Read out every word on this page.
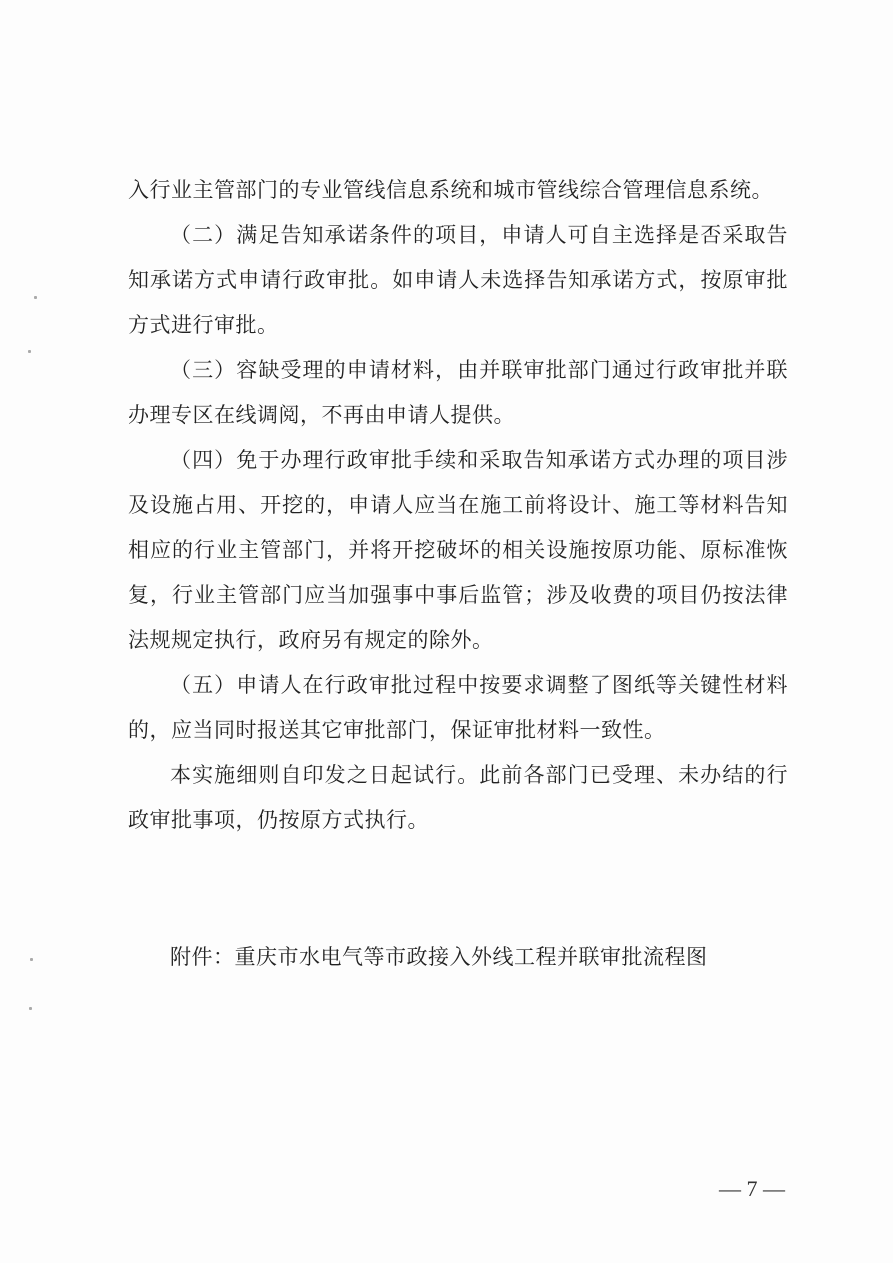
入行业主管部门的专业管线信息系统和城市管线综合管理信息系统。

（二）满足告知承诺条件的项目，申请人可自主选择是否采取告知承诺方式申请行政审批。如申请人未选择告知承诺方式，按原审批方式进行审批。

（三）容缺受理的申请材料，由并联审批部门通过行政审批并联办理专区在线调阅，不再由申请人提供。

（四）免于办理行政审批手续和采取告知承诺方式办理的项目涉及设施占用、开挖的，申请人应当在施工前将设计、施工等材料告知相应的行业主管部门，并将开挖破坏的相关设施按原功能、原标准恢复，行业主管部门应当加强事中事后监管；涉及收费的项目仍按法律法规规定执行，政府另有规定的除外。

（五）申请人在行政审批过程中按要求调整了图纸等关键性材料的，应当同时报送其它审批部门，保证审批材料一致性。

本实施细则自印发之日起试行。此前各部门已受理、未办结的行政审批事项，仍按原方式执行。

附件：重庆市水电气等市政接入外线工程并联审批流程图
— 7 —
